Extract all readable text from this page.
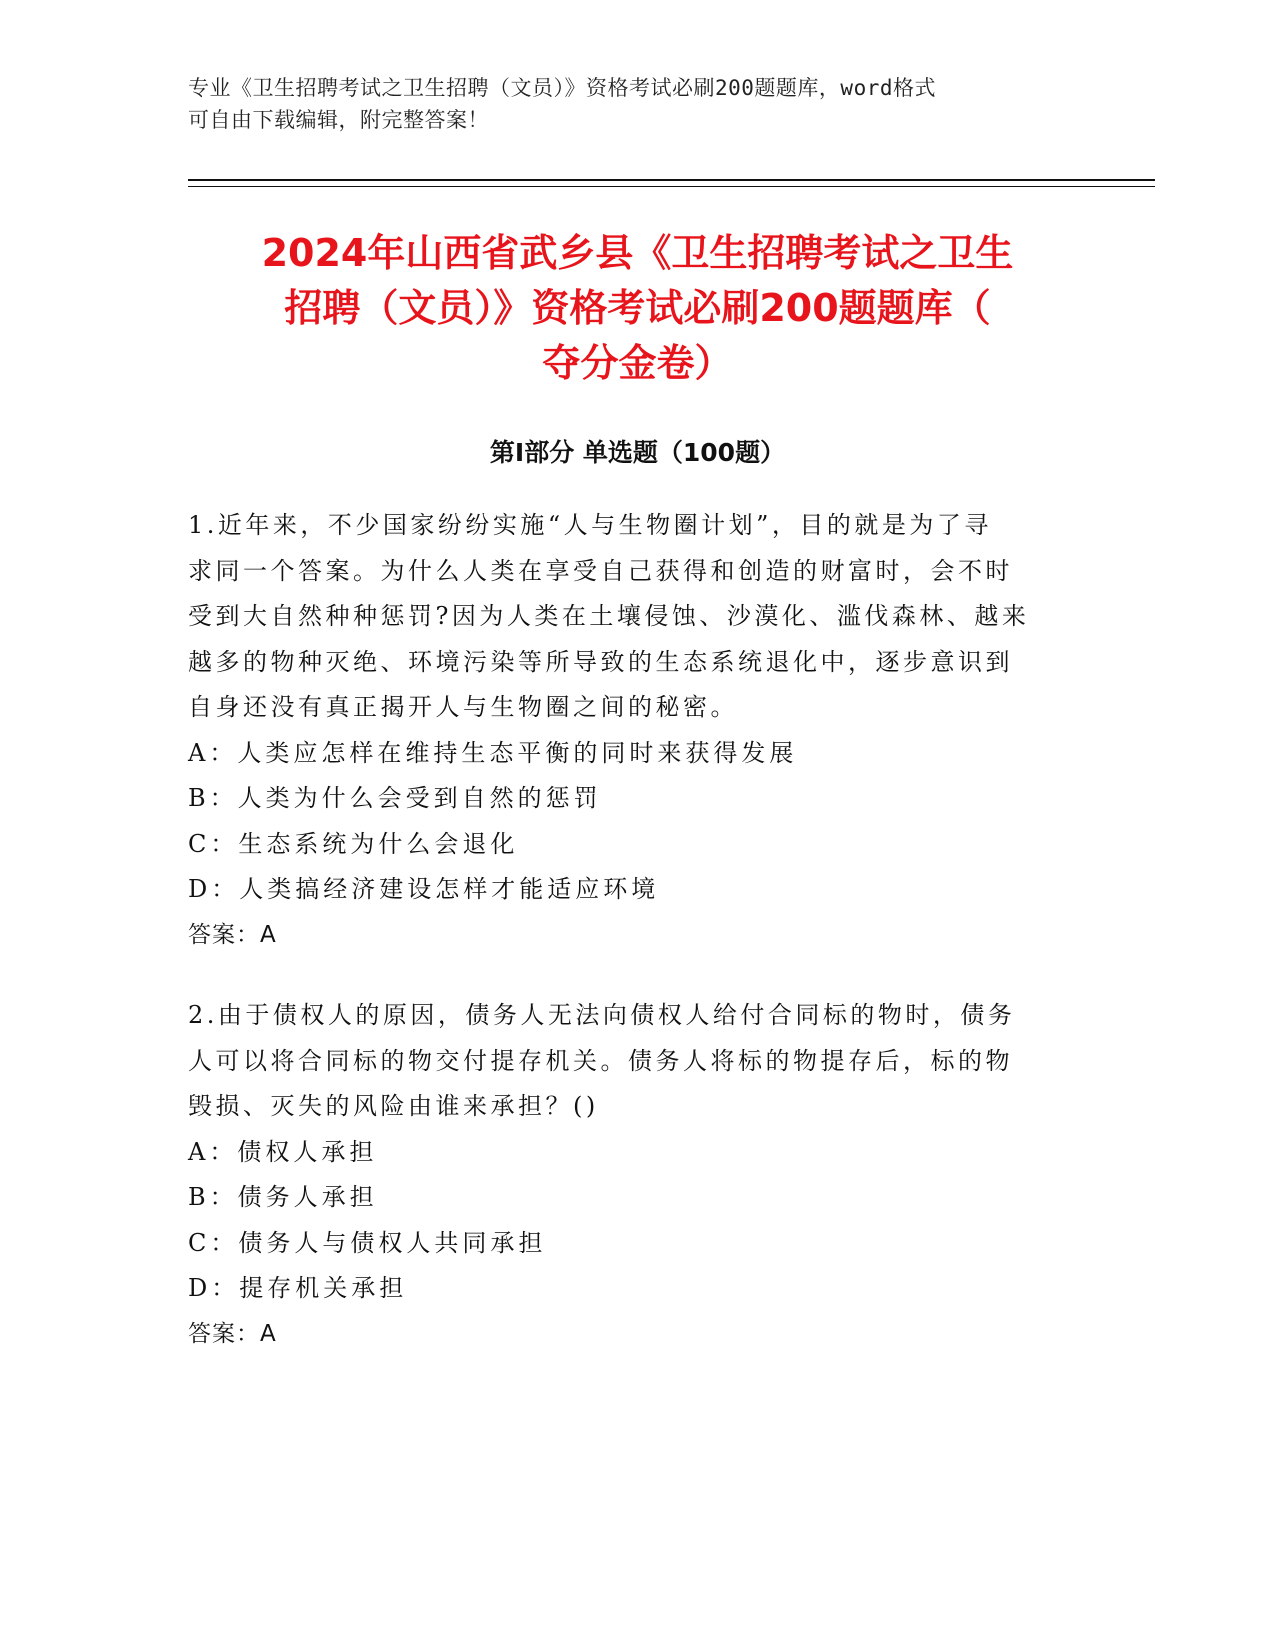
专业《卫生招聘考试之卫生招聘（文员）》资格考试必刷200题题库，word格式
可自由下载编辑，附完整答案！
2024年山西省武乡县《卫生招聘考试之卫生
招聘（文员）》资格考试必刷200题题库（
夺分金卷）
第Ⅰ部分 单选题（100题）
1.近年来，不少国家纷纷实施“人与生物圈计划”，目的就是为了寻
求同一个答案。为什么人类在享受自己获得和创造的财富时，会不时
受到大自然种种惩罚?因为人类在土壤侵蚀、沙漠化、滥伐森林、越来
越多的物种灭绝、环境污染等所导致的生态系统退化中，逐步意识到
自身还没有真正揭开人与生物圈之间的秘密。
A：人类应怎样在维持生态平衡的同时来获得发展
B：人类为什么会受到自然的惩罚
C：生态系统为什么会退化
D：人类搞经济建设怎样才能适应环境
答案：A
2.由于债权人的原因，债务人无法向债权人给付合同标的物时，债务
人可以将合同标的物交付提存机关。债务人将标的物提存后，标的物
毁损、灭失的风险由谁来承担？()
A：债权人承担
B：债务人承担
C：债务人与债权人共同承担
D：提存机关承担
答案：A
